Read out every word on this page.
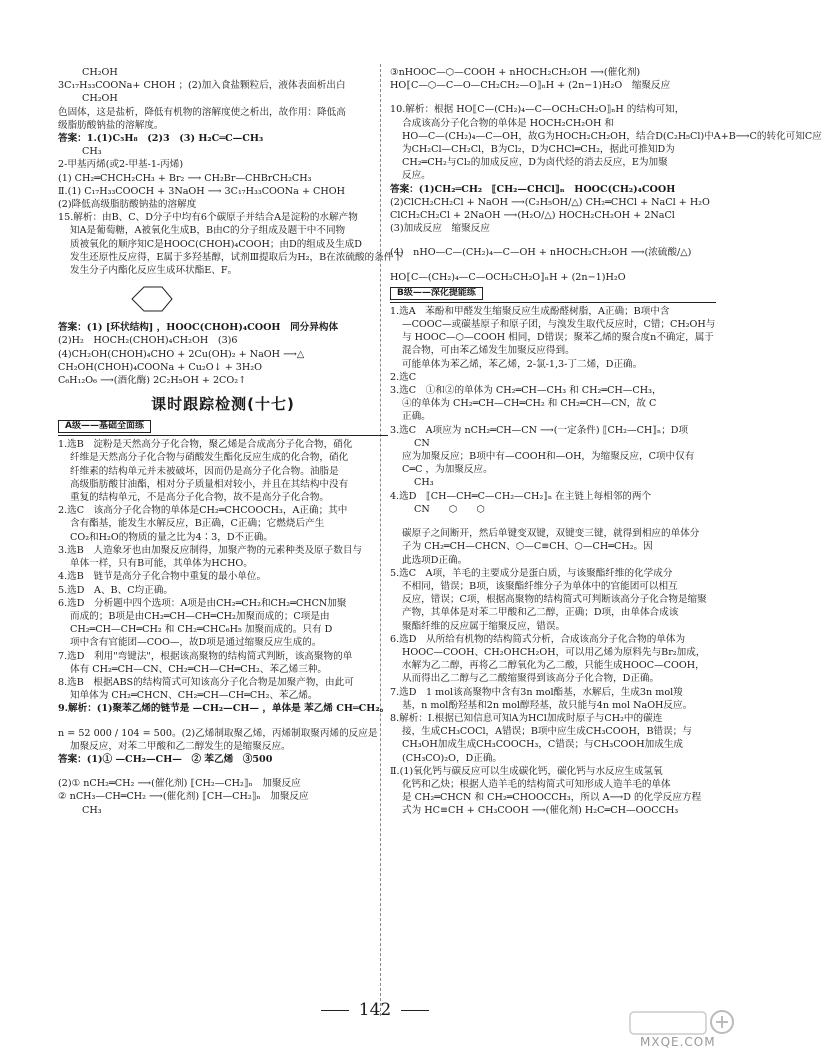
CH₂OH
3C₁₇H₃₃COONa+ CHOH ；(2)加入食盐颗粒后，液体表面析出白
CH₂OH
色固体，这是盐析，降低有机物的溶解度使之析出，故作用：降低高
级脂肪酸钠盐的溶解度。
答案：1.(1)C₅H₈　(2)3　(3) H₂C═C—CH₃
CH₃
2-甲基丙烯(或2-甲基-1-丙烯)
(1) CH₂═CHCH₂CH₃ + Br₂ ⟶ CH₂Br—CHBrCH₂CH₃
Ⅱ.(1) C₁₇H₃₃COOCH + 3NaOH ⟶ 3C₁₇H₃₃COONa + CHOH
(2)降低高级脂肪酸钠盐的溶解度
15.解析：由B、C、D分子中均有6个碳原子并结合A是淀粉的水解产物
知A是葡萄糖，A被氧化生成B，B由C的分子组成及题干中不同物
质被氧化的顺序知C是HOOC(CHOH)₄COOH；由D的组成及生成D
发生还原性反应得，E属于多羟基醇，试剂Ⅲ提取后为H₂，B在浓硫酸的条件下
发生分子内酯化反应生成环状酯E、F。
答案：(1) [环状结构] ，HOOC(CHOH)₄COOH　同分异构体
(2)H₂　HOCH₂(CHOH)₄CH₂OH　(3)6
(4)CH₂OH(CHOH)₄CHO + 2Cu(OH)₂ + NaOH ⟶△
CH₂OH(CHOH)₄COONa + Cu₂O↓ + 3H₂O
C₆H₁₂O₆ ⟶(酒化酶) 2C₂H₅OH + 2CO₂↑
课时跟踪检测(十七)
A级——基础全面练
1.选B　淀粉是天然高分子化合物，聚乙烯是合成高分子化合物，硝化
纤维是天然高分子化合物与硝酸发生酯化反应生成的化合物，硝化
纤维素的结构单元并未被破坏，因而仍是高分子化合物。油脂是
高级脂肪酸甘油酯，相对分子质量相对较小，并且在其结构中没有
重复的结构单元，不是高分子化合物，故不是高分子化合物。
2.选C　该高分子化合物的单体是CH₂═CHCOOCH₃，A正确；其中
含有酯基，能发生水解反应，B正确，C正确；它燃烧后产生
CO₂和H₂O的物质的量之比为4∶3，D不正确。
3.选B　人造象牙也由加聚反应制得，加聚产物的元素种类及原子数目与
单体一样，只有B可能，其单体为HCHO。
4.选B　链节是高分子化合物中重复的最小单位。
5.选D　A、B、C均正确。
6.选D　分析题中四个选项：A项是由CH₂═CH₂和CH₂═CHCN加聚
而成的；B项是由CH₂═CH—CH═CH₂加聚而成的；C项是由
CH₂═CH—CH═CH₂ 和 CH₂═CHC₆H₅ 加聚而成的。只有 D
项中含有官能团—COO—，故D项是通过缩聚反应生成的。
7.选D　利用"弯键法"，根据该高聚物的结构简式判断，该高聚物的单
体有 CH₂═CH—CN、CH₂═CH—CH═CH₂、苯乙烯三种。
8.选B　根据ABS的结构简式可知该高分子化合物是加聚产物，由此可
知单体为 CH₂═CHCN、CH₂═CH—CH═CH₂、苯乙烯。
9.解析：(1)聚苯乙烯的链节是 —CH₂—CH— ，单体是 苯乙烯 CH═CH₂。
n = 52 000 / 104 = 500。(2)乙烯制取聚乙烯，丙烯制取聚丙烯的反应是
加聚反应，对苯二甲酸和乙二醇发生的是缩聚反应。
答案：(1)① —CH₂—CH—　② 苯乙烯　③500
(2)① nCH₂═CH₂ ⟶(催化剂) ⟦CH₂—CH₂⟧ₙ　加聚反应
② nCH₃—CH═CH₂ ⟶(催化剂) ⟦CH—CH₂⟧ₙ　加聚反应
CH₃
③nHOOC—⬡—COOH + nHOCH₂CH₂OH ⟶(催化剂)
HO⟦C—⬡—C—O—CH₂CH₂—O⟧ₙH + (2n−1)H₂O　缩聚反应
10.解析：根据 HO⟦C—(CH₂)₄—C—OCH₂CH₂O⟧ₙH 的结构可知，
合成该高分子化合物的单体是 HOCH₂CH₂OH 和
HO—C—(CH₂)₄—C—OH，故G为HOCH₂CH₂OH，结合D(C₂H₅Cl)中A+B⟶C的转化可知C应
为CH₂Cl—CH₂Cl，B为Cl₂，D为CHCl═CH₂，据此可推知D为
CH₂═CH₂与Cl₂的加成反应，D为卤代烃的消去反应，E为加聚
反应。
答案：(1)CH₂═CH₂　⟦CH₂—CHCl⟧ₙ　HOOC(CH₂)₄COOH
(2)ClCH₂CH₂Cl + NaOH ⟶(C₂H₅OH/△) CH₂═CHCl + NaCl + H₂O
ClCH₂CH₂Cl + 2NaOH ⟶(H₂O/△) HOCH₂CH₂OH + 2NaCl
(3)加成反应　缩聚反应
(4)　nHO—C—(CH₂)₄—C—OH + nHOCH₂CH₂OH ⟶(浓硫酸/△)
HO⟦C—(CH₂)₄—C—OCH₂CH₂O⟧ₙH + (2n−1)H₂O
B级——深化提能练
1.选A　苯酚和甲醛发生缩聚反应生成酚醛树脂，A正确；B项中含
—COOC—或碳基原子和原子团，与溴发生取代反应时，C错；CH₂OH与
与 HOOC—⬡—COOH 相同，D错误；聚苯乙烯的聚合度n不确定，属于
混合物，可由苯乙烯发生加聚反应得到。
可能单体为苯乙烯，苯乙烯，2-氯-1,3-丁二烯，D正确。
2.选C
3.选C　①和②的单体为 CH₂═CH—CH₃ 和 CH₂═CH—CH₃，
④的单体为 CH₂═CH—CH═CH₂ 和 CH₂═CH—CN，故 C
正确。
3.选C　A项应为 nCH₂═CH—CN ⟶(一定条件) ⟦CH₂—CH⟧ₙ；D项
CN
应为加聚反应；B项中有—COOH和—OH，为缩聚反应，C项中仅有
C═C ，为加聚反应。
CH₃
4.选D　⟦CH—CH═C—CH₂—CH₂⟧ₙ 在主链上每相邻的两个
CN　　⬡　　⬡
碳原子之间断开，然后单键变双键，双键变三键，就得到相应的单体分
子为 CH₂═CH—CHCN、⬡—C≡CH、⬡—CH═CH₂。因
此选项D正确。
5.选C　A项，羊毛的主要成分是蛋白质，与该聚酯纤维的化学成分
不相同，错误；B项，该聚酯纤维分子为单体中的官能团可以相互
反应，错误；C项，根据高聚物的结构简式可判断该高分子化合物是缩聚
产物，其单体是对苯二甲酸和乙二醇，正确；D项，由单体合成该
聚酯纤维的反应属于缩聚反应，错误。
6.选D　从所给有机物的结构简式分析，合成该高分子化合物的单体为
HOOC—COOH、CH₂OHCH₂OH，可以用乙烯为原料先与Br₂加成，
水解为乙二醇，再将乙二醇氧化为乙二酸，只能生成HOOC—COOH，
从而得出乙二醇与乙二酸缩聚得到该高分子化合物，D正确。
7.选D　1 mol该高聚物中含有3n mol酯基，水解后，生成3n mol羧
基，n mol酚羟基和2n mol醇羟基，故只能与4n mol NaOH反应。
8.解析：Ⅰ.根据已知信息可知A为HCl加成时原子与CH₂中的碳连
接，生成CH₃COCl，A错误；B项中应生成CH₃COOH，B错误；与
CH₃OH加成生成CH₃COOCH₃，C错误；与CH₃COOH加成生成
(CH₃CO)₂O，D正确。
Ⅱ.(1)氧化钙与碳反应可以生成碳化钙，碳化钙与水反应生成氢氧
化钙和乙炔；根据人造羊毛的结构简式可知形成人造羊毛的单体
是 CH₂═CHCN 和 CH₂═CHOOCCH₃，所以 A⟶D 的化学反应方程
式为 HC≡CH + CH₃COOH ⟶(催化剂) H₂C═CH—OOCCH₃
142
MXQE.COM
